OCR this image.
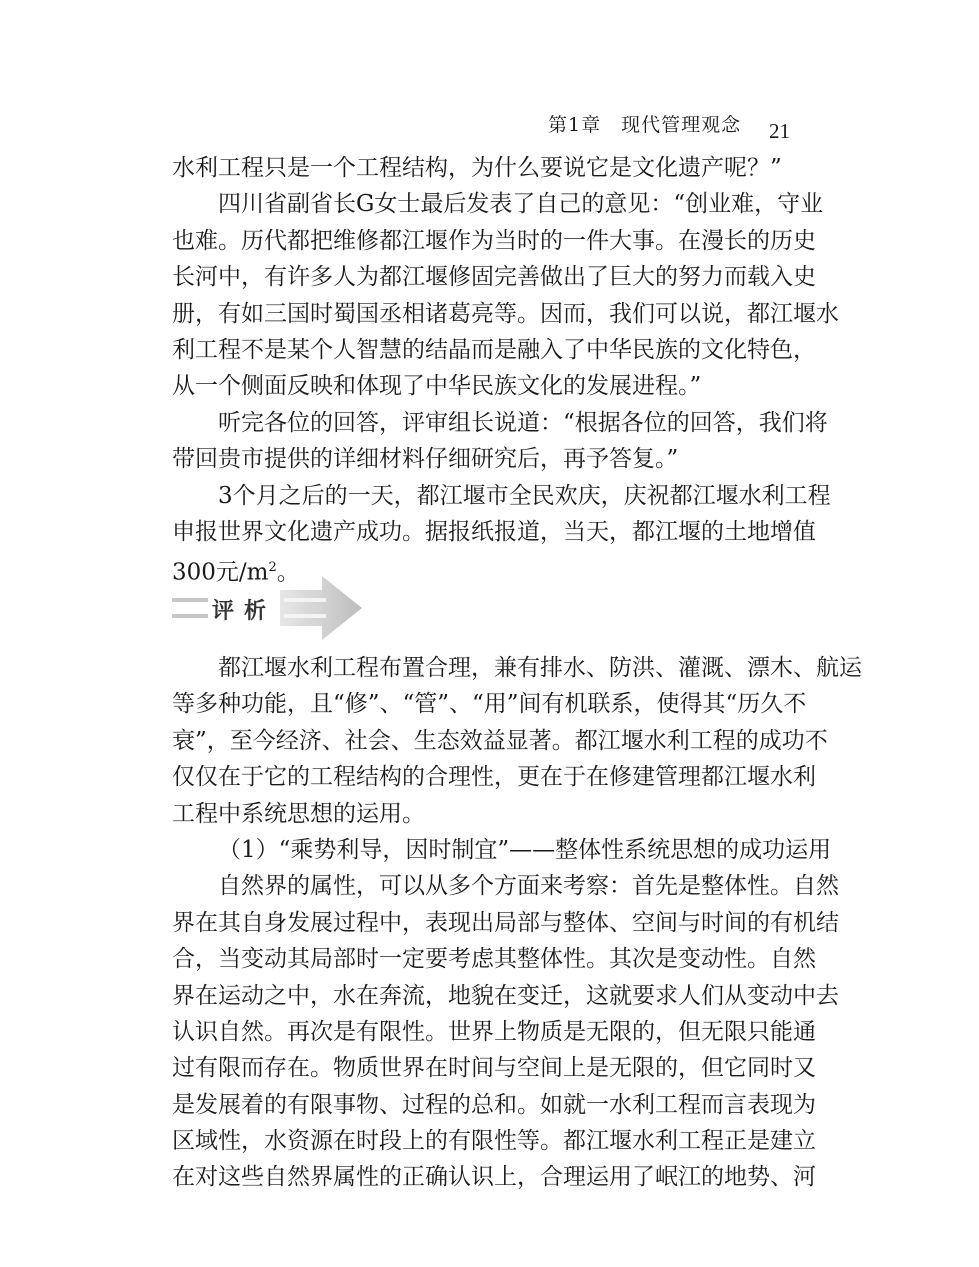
第1章　现代管理观念 21
水利工程只是一个工程结构，为什么要说它是文化遗产呢？”
四川省副省长G女士最后发表了自己的意见：“创业难，守业
也难。历代都把维修都江堰作为当时的一件大事。在漫长的历史
长河中，有许多人为都江堰修固完善做出了巨大的努力而载入史
册，有如三国时蜀国丞相诸葛亮等。因而，我们可以说，都江堰水
利工程不是某个人智慧的结晶而是融入了中华民族的文化特色，
从一个侧面反映和体现了中华民族文化的发展进程。”
听完各位的回答，评审组长说道：“根据各位的回答，我们将
带回贵市提供的详细材料仔细研究后，再予答复。”
3个月之后的一天，都江堰市全民欢庆，庆祝都江堰水利工程
申报世界文化遗产成功。据报纸报道，当天，都江堰的土地增值
300元$/m^2$。
评析
都江堰水利工程布置合理，兼有排水、防洪、灌溉、漂木、航运
等多种功能，且“修”、“管”、“用”间有机联系，使得其“历久不
衰”，至今经济、社会、生态效益显著。都江堰水利工程的成功不
仅仅在于它的工程结构的合理性，更在于在修建管理都江堰水利
工程中系统思想的运用。
（1）“乘势利导，因时制宜”——整体性系统思想的成功运用
自然界的属性，可以从多个方面来考察：首先是整体性。自然
界在其自身发展过程中，表现出局部与整体、空间与时间的有机结
合，当变动其局部时一定要考虑其整体性。其次是变动性。自然
界在运动之中，水在奔流，地貌在变迁，这就要求人们从变动中去
认识自然。再次是有限性。世界上物质是无限的，但无限只能通
过有限而存在。物质世界在时间与空间上是无限的，但它同时又
是发展着的有限事物、过程的总和。如就一水利工程而言表现为
区域性，水资源在时段上的有限性等。都江堰水利工程正是建立
在对这些自然界属性的正确认识上，合理运用了岷江的地势、河
